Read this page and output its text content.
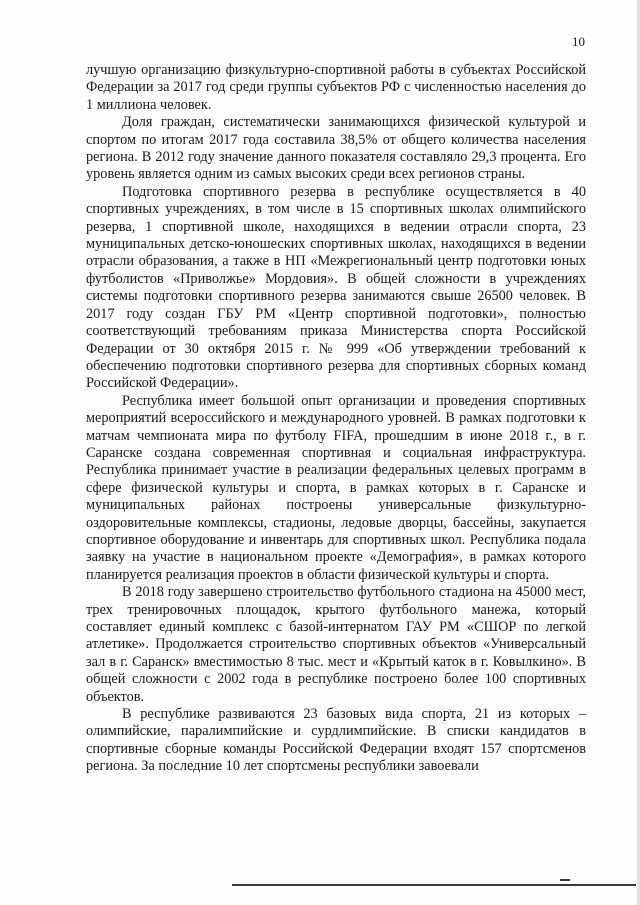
10

лучшую организацию физкультурно-спортивной работы в субъектах Российской Федерации за 2017 год среди группы субъектов РФ с численностью населения до 1 миллиона человек.

Доля граждан, систематически занимающихся физической культурой и спортом по итогам 2017 года составила 38,5% от общего количества населения региона. В 2012 году значение данного показателя составляло 29,3 процента. Его уровень является одним из самых высоких среди всех регионов страны.

Подготовка спортивного резерва в республике осуществляется в 40 спортивных учреждениях, в том числе в 15 спортивных школах олимпийского резерва, 1 спортивной школе, находящихся в ведении отрасли спорта, 23 муниципальных детско-юношеских спортивных школах, находящихся в ведении отрасли образования, а также в НП «Межрегиональный центр подготовки юных футболистов «Приволжье» Мордовия». В общей сложности в учреждениях системы подготовки спортивного резерва занимаются свыше 26500 человек. В 2017 году создан ГБУ РМ «Центр спортивной подготовки», полностью соответствующий требованиям приказа Министерства спорта Российской Федерации от 30 октября 2015 г. № 999 «Об утверждении требований к обеспечению подготовки спортивного резерва для спортивных сборных команд Российской Федерации».

Республика имеет большой опыт организации и проведения спортивных мероприятий всероссийского и международного уровней. В рамках подготовки к матчам чемпионата мира по футболу FIFA, прошедшим в июне 2018 г., в г. Саранске создана современная спортивная и социальная инфраструктура. Республика принимает участие в реализации федеральных целевых программ в сфере физической культуры и спорта, в рамках которых в г. Саранске и муниципальных районах построены универсальные физкультурно-оздоровительные комплексы, стадионы, ледовые дворцы, бассейны, закупается спортивное оборудование и инвентарь для спортивных школ. Республика подала заявку на участие в национальном проекте «Демография», в рамках которого планируется реализация проектов в области физической культуры и спорта.

В 2018 году завершено строительство футбольного стадиона на 45000 мест, трех тренировочных площадок, крытого футбольного манежа, который составляет единый комплекс с базой-интернатом ГАУ РМ «СШОР по легкой атлетике». Продолжается строительство спортивных объектов «Универсальный зал в г. Саранск» вместимостью 8 тыс. мест и «Крытый каток в г. Ковылкино». В общей сложности с 2002 года в республике построено более 100 спортивных объектов.

В республике развиваются 23 базовых вида спорта, 21 из которых – олимпийские, паралимпийские и сурдлимпийские. В списки кандидатов в спортивные сборные команды Российской Федерации входят 157 спортсменов региона. За последние 10 лет спортсмены республики завоевали
